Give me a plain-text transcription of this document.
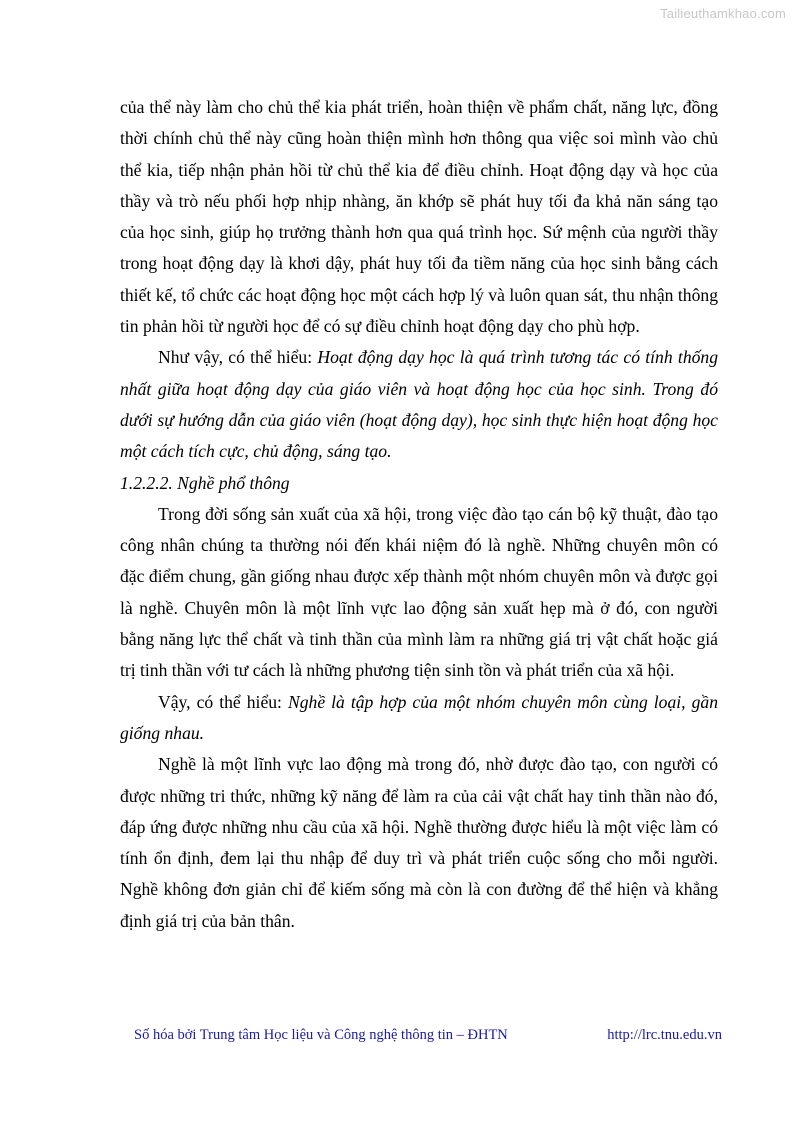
Tailieuthamkhao.com

của thể này làm cho chủ thể kia phát triển, hoàn thiện về phẩm chất, năng lực, đồng thời chính chủ thể này cũng hoàn thiện mình hơn thông qua việc soi mình vào chủ thể kia, tiếp nhận phản hồi từ chủ thể kia để điều chỉnh. Hoạt động dạy và học của thầy và trò nếu phối hợp nhịp nhàng, ăn khớp sẽ phát huy tối đa khả năn sáng tạo của học sinh, giúp họ trưởng thành hơn qua quá trình học. Sứ mệnh của người thầy trong hoạt động dạy là khơi dậy, phát huy tối đa tiềm năng của học sinh bằng cách thiết kế, tổ chức các hoạt động học một cách hợp lý và luôn quan sát, thu nhận thông tin phản hồi từ người học để có sự điều chỉnh hoạt động dạy cho phù hợp.

Như vậy, có thể hiểu: Hoạt động dạy học là quá trình tương tác có tính thống nhất giữa hoạt động dạy của giáo viên và hoạt động học của học sinh. Trong đó dưới sự hướng dẫn của giáo viên (hoạt động dạy), học sinh thực hiện hoạt động học một cách tích cực, chủ động, sáng tạo.

1.2.2.2. Nghề phổ thông

Trong đời sống sản xuất của xã hội, trong việc đào tạo cán bộ kỹ thuật, đào tạo công nhân chúng ta thường nói đến khái niệm đó là nghề. Những chuyên môn có đặc điểm chung, gần giống nhau được xếp thành một nhóm chuyên môn và được gọi là nghề. Chuyên môn là một lĩnh vực lao động sản xuất hẹp mà ở đó, con người bằng năng lực thể chất và tinh thần của mình làm ra những giá trị vật chất hoặc giá trị tinh thần với tư cách là những phương tiện sinh tồn và phát triển của xã hội.

Vậy, có thể hiểu: Nghề là tập hợp của một nhóm chuyên môn cùng loại, gần giống nhau.

Nghề là một lĩnh vực lao động mà trong đó, nhờ được đào tạo, con người có được những tri thức, những kỹ năng để làm ra của cải vật chất hay tinh thần nào đó, đáp ứng được những nhu cầu của xã hội. Nghề thường được hiểu là một việc làm có tính ổn định, đem lại thu nhập để duy trì và phát triển cuộc sống cho mỗi người. Nghề không đơn giản chỉ để kiếm sống mà còn là con đường để thể hiện và khẳng định giá trị của bản thân.

Số hóa bởi Trung tâm Học liệu và Công nghệ thông tin – ĐHTN	http://lrc.tnu.edu.vn
